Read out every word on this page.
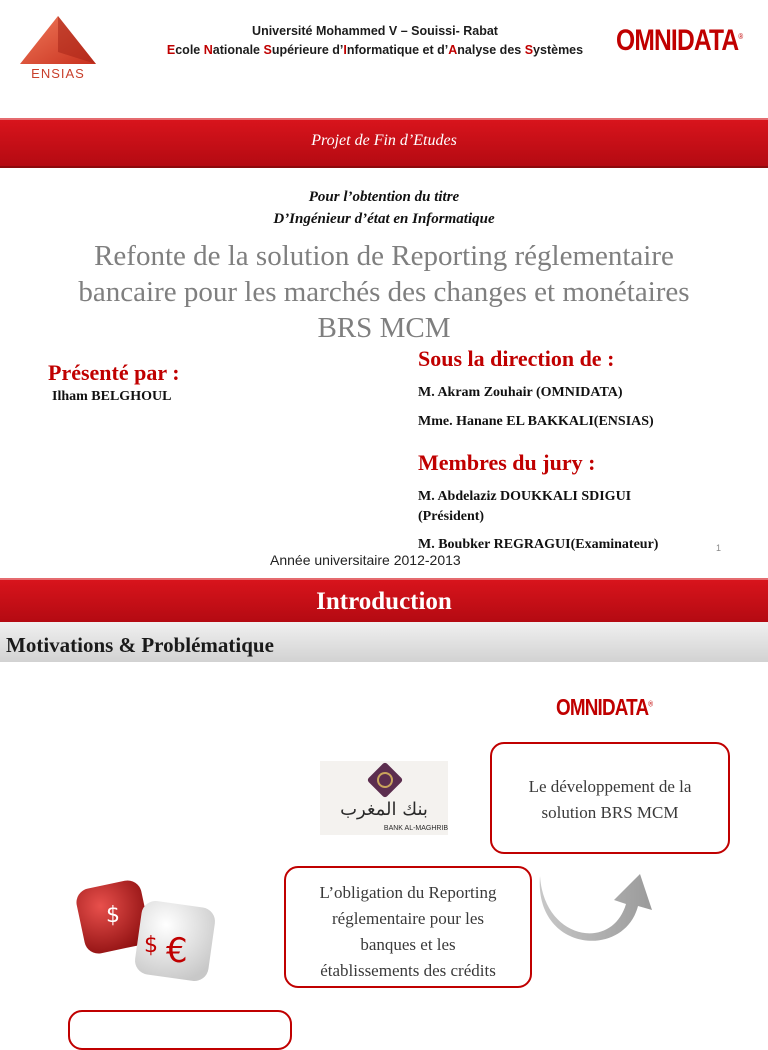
ENSIAS
Université Mohammed V – Souissi- Rabat
Ecole Nationale Supérieure d’Informatique et d’Analyse des Systèmes	OMNIDATA®
Projet de Fin d’Etudes
Pour l’obtention du titre
D’Ingénieur d’état en Informatique
Refonte de la solution de Reporting réglementaire
bancaire pour les marchés des changes et monétaires
BRS MCM
Présenté par :
Ilham BELGHOUL
Sous la direction de :
M. Akram Zouhair (OMNIDATA)
Mme. Hanane EL BAKKALI(ENSIAS)
Membres du jury :
M. Abdelaziz DOUKKALI SDIGUI
(Président)
M. Boubker REGRAGUI(Examinateur)	1
Année universitaire 2012-2013
Introduction
Motivations & Problématique
OMNIDATA®
بنك المغرب
BANK AL-MAGHRIB
Le développement de la
solution BRS MCM
L’obligation du Reporting
réglementaire pour les
banques et les
établissements des crédits
$
€
$
